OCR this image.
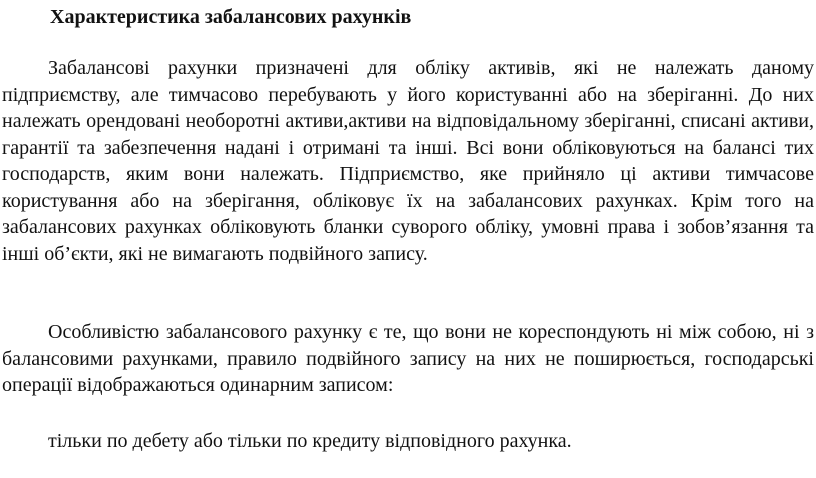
Характеристика забалансових рахунків

Забалансові рахунки призначені для обліку активів, які не належать даному підприємству, але тимчасово перебувають у його користуванні або на зберіганні. До них належать орендовані необоротні активи,активи на відповідальному зберіганні, списані активи, гарантії та забезпечення надані і отримані та інші. Всі вони обліковуються на балансі тих господарств, яким вони належать. Підприємство, яке прийняло ці активи тимчасове користування або на зберігання, обліковує їх на забалансових рахунках. Крім того на забалансових рахунках обліковують бланки суворого обліку, умовні права і зобов’язання та інші об’єкти, які не вимагають подвійного запису.

Особливістю забалансового рахунку є те, що вони не кореспондують ні між собою, ні з балансовими рахунками, правило подвійного запису на них не поширюється, господарські операції відображаються одинарним записом:

тільки по дебету або тільки по кредиту відповідного рахунка.
